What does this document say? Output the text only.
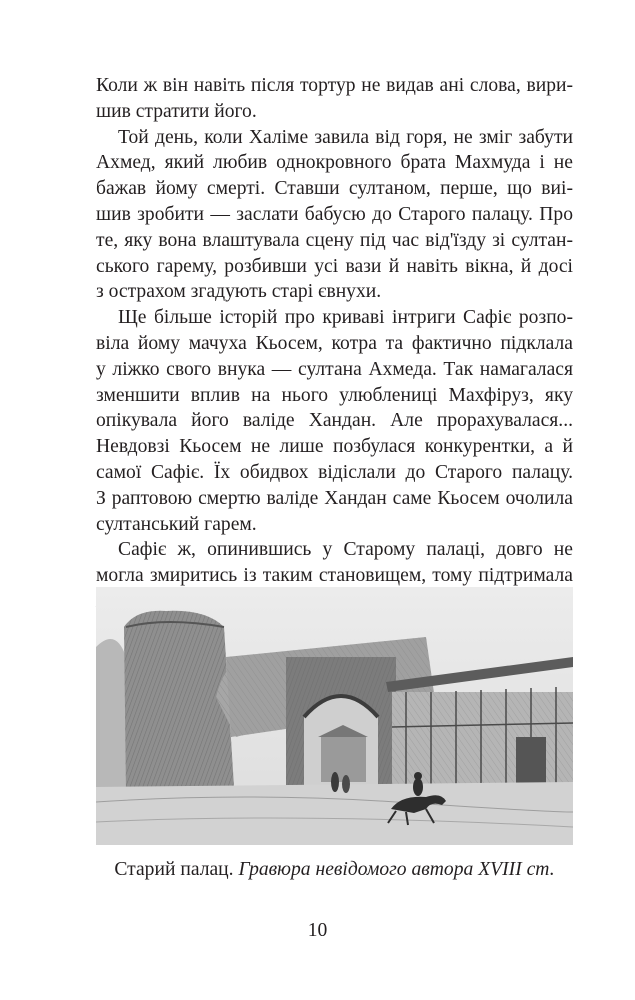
Коли ж він навіть після тортур не видав ані слова, вири-

шив стратити його.

Той день, коли Халіме завила від горя, не зміг забути

Ахмед, який любив однокровного брата Махмуда і не

бажав йому смерті. Ставши султаном, перше, що виі-

шив зробити — заслати бабусю до Старого палацу. Про

те, яку вона влаштувала сцену під час від'їзду зі султан-

ського гарему, розбивши усі вази й навіть вікна, й досі

з острахом згадують старі євнухи.

Ще більше історій про криваві інтриги Сафіє розпо-

віла йому мачуха Кьосем, котра та фактично підклала

у ліжко свого внука — султана Ахмеда. Так намагалася

зменшити вплив на нього улюблениці Махфіруз, яку

опікувала його валіде Хандан. Але прорахувалася...

Невдовзі Кьосем не лише позбулася конкурентки, а й

самої Сафіє. Їх обидвох відіслали до Старого палацу.

З раптовою смертю валіде Хандан саме Кьосем очолила

султанський гарем.

Сафіє ж, опинившись у Старому палаці, довго не

могла змиритись із таким становищем, тому підтримала

Старий палац. Гравюра невідомого автора XVIII ст.
10
